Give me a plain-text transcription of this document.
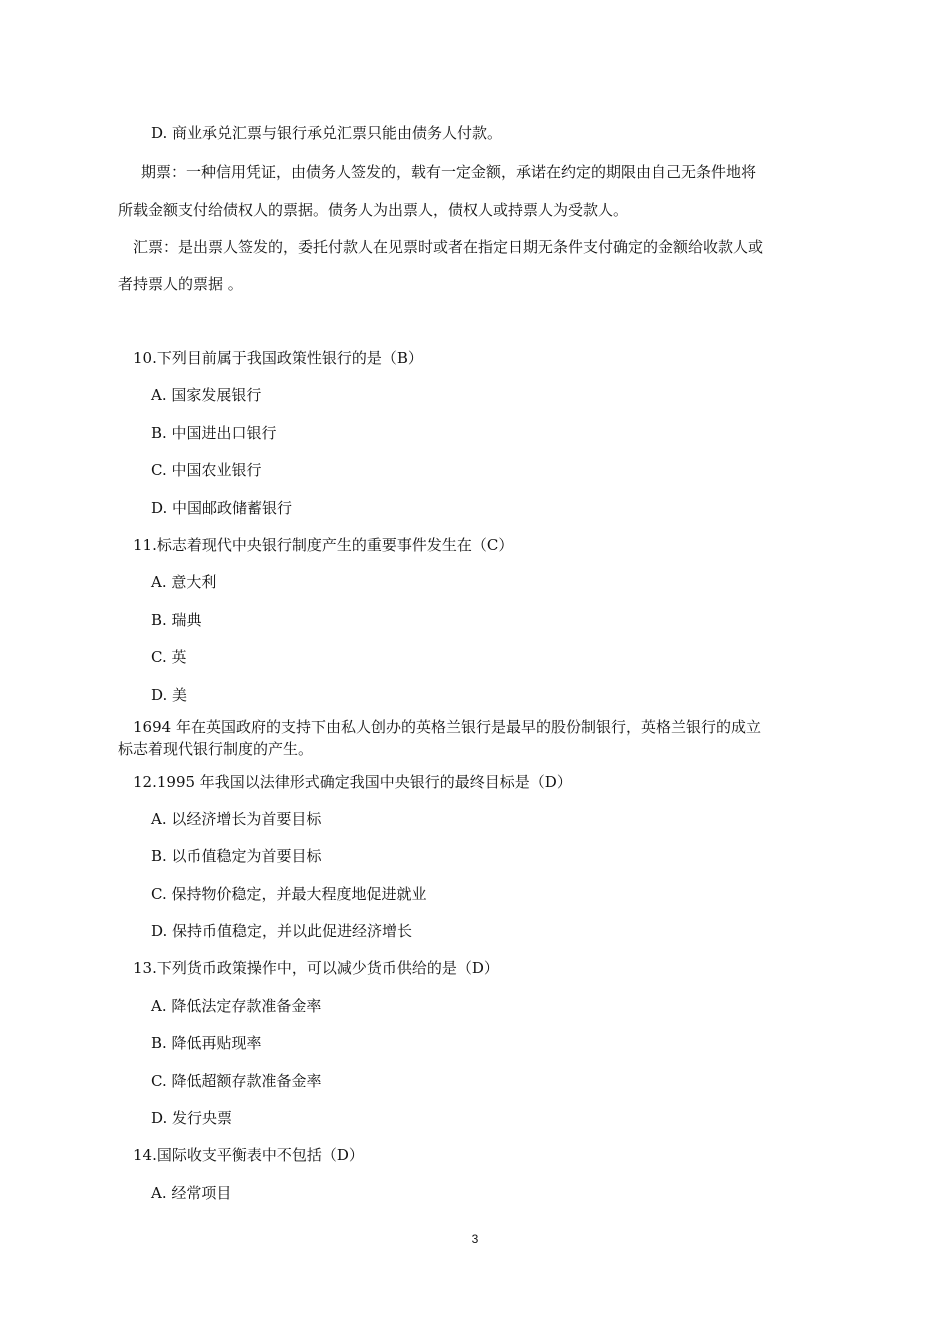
D. 商业承兑汇票与银行承兑汇票只能由债务人付款。
期票：一种信用凭证，由债务人签发的，载有一定金额，承诺在约定的期限由自己无条件地将
所载金额支付给债权人的票据。债务人为出票人，债权人或持票人为受款人。
汇票：是出票人签发的，委托付款人在见票时或者在指定日期无条件支付确定的金额给收款人或
者持票人的票据 。
10.下列目前属于我国政策性银行的是（B）
A. 国家发展银行
B. 中国进出口银行
C. 中国农业银行
D. 中国邮政储蓄银行
11.标志着现代中央银行制度产生的重要事件发生在（C）
A. 意大利
B. 瑞典
C. 英
D. 美
1694 年在英国政府的支持下由私人创办的英格兰银行是最早的股份制银行，英格兰银行的成立
标志着现代银行制度的产生。
12.1995 年我国以法律形式确定我国中央银行的最终目标是（D）
A. 以经济增长为首要目标
B. 以币值稳定为首要目标
C. 保持物价稳定，并最大程度地促进就业
D. 保持币值稳定，并以此促进经济增长
13.下列货币政策操作中，可以减少货币供给的是（D）
A. 降低法定存款准备金率
B. 降低再贴现率
C. 降低超额存款准备金率
D. 发行央票
14.国际收支平衡表中不包括（D）
A. 经常项目
3
